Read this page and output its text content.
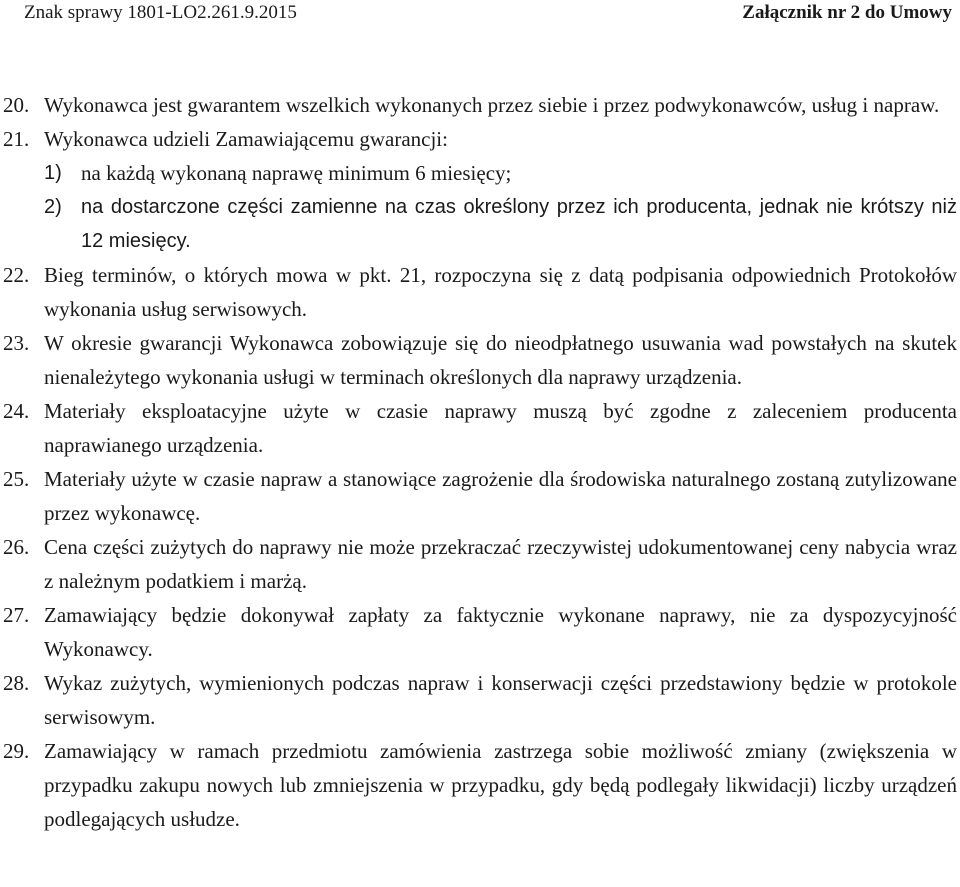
Znak sprawy 1801-LO2.261.9.2015	Załącznik nr 2 do Umowy
20. Wykonawca jest gwarantem wszelkich wykonanych przez siebie i przez podwykonawców, usług i napraw.
21. Wykonawca udzieli Zamawiającemu gwarancji:
1) na każdą wykonaną naprawę minimum 6 miesięcy;
2) na dostarczone części zamienne na czas określony przez ich producenta, jednak nie krótszy niż 12 miesięcy.
22. Bieg terminów, o których mowa w pkt. 21, rozpoczyna się z datą podpisania odpowiednich Protokołów wykonania usług serwisowych.
23. W okresie gwarancji Wykonawca zobowiązuje się do nieodpłatnego usuwania wad powstałych na skutek nienależytego wykonania usługi w terminach określonych dla naprawy urządzenia.
24. Materiały eksploatacyjne użyte w czasie naprawy muszą być zgodne z zaleceniem producenta naprawianego urządzenia.
25. Materiały użyte w czasie napraw a stanowiące zagrożenie dla środowiska naturalnego zostaną zutylizowane przez wykonawcę.
26. Cena części zużytych do naprawy nie może przekraczać rzeczywistej udokumentowanej ceny nabycia wraz z należnym podatkiem i marżą.
27. Zamawiający będzie dokonywał zapłaty za faktycznie wykonane naprawy, nie za dyspozycyjność Wykonawcy.
28. Wykaz zużytych, wymienionych podczas napraw i konserwacji części przedstawiony będzie w protokole serwisowym.
29. Zamawiający w ramach przedmiotu zamówienia zastrzega sobie możliwość zmiany (zwiększenia w przypadku zakupu nowych lub zmniejszenia w przypadku, gdy będą podlegały likwidacji) liczby urządzeń podlegających usłudze.
